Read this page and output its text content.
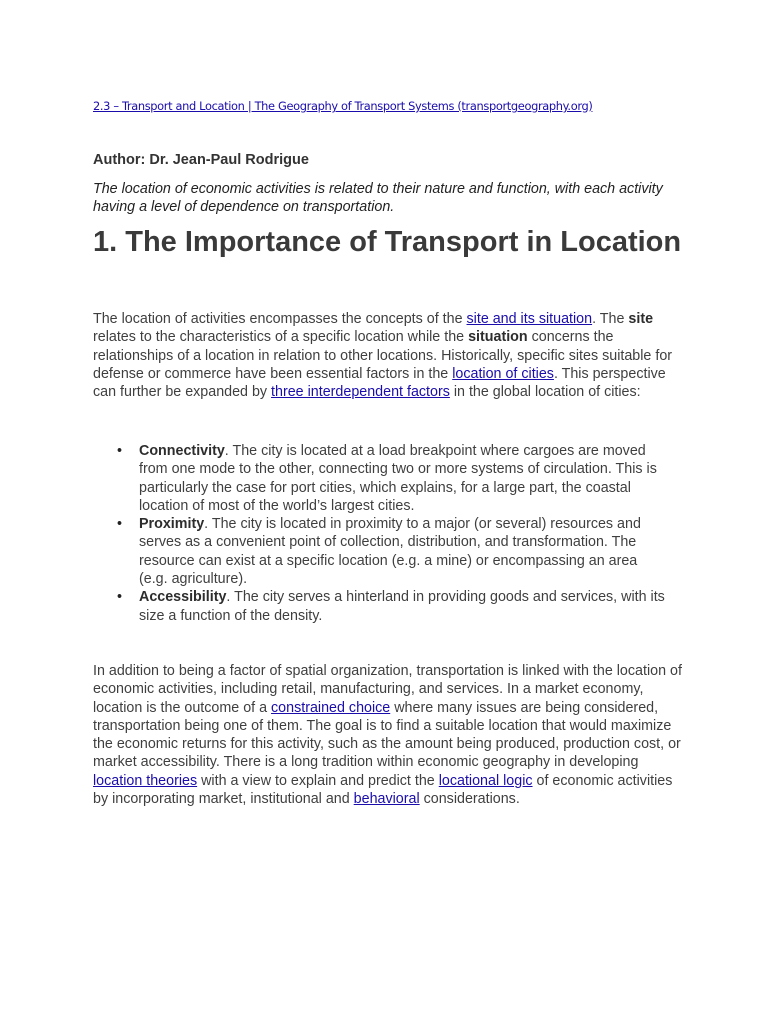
2.3 – Transport and Location | The Geography of Transport Systems (transportgeography.org)
Author: Dr. Jean-Paul Rodrigue

The location of economic activities is related to their nature and function, with each activity having a level of dependence on transportation.

1. The Importance of Transport in Location

The location of activities encompasses the concepts of the site and its situation. The site relates to the characteristics of a specific location while the situation concerns the relationships of a location in relation to other locations. Historically, specific sites suitable for defense or commerce have been essential factors in the location of cities. This perspective can further be expanded by three interdependent factors in the global location of cities:

• Connectivity. The city is located at a load breakpoint where cargoes are moved from one mode to the other, connecting two or more systems of circulation. This is particularly the case for port cities, which explains, for a large part, the coastal location of most of the world’s largest cities.
• Proximity. The city is located in proximity to a major (or several) resources and serves as a convenient point of collection, distribution, and transformation. The resource can exist at a specific location (e.g. a mine) or encompassing an area (e.g. agriculture).
• Accessibility. The city serves a hinterland in providing goods and services, with its size a function of the density.

In addition to being a factor of spatial organization, transportation is linked with the location of economic activities, including retail, manufacturing, and services. In a market economy, location is the outcome of a constrained choice where many issues are being considered, transportation being one of them. The goal is to find a suitable location that would maximize the economic returns for this activity, such as the amount being produced, production cost, or market accessibility. There is a long tradition within economic geography in developing location theories with a view to explain and predict the locational logic of economic activities by incorporating market, institutional and behavioral considerations.
